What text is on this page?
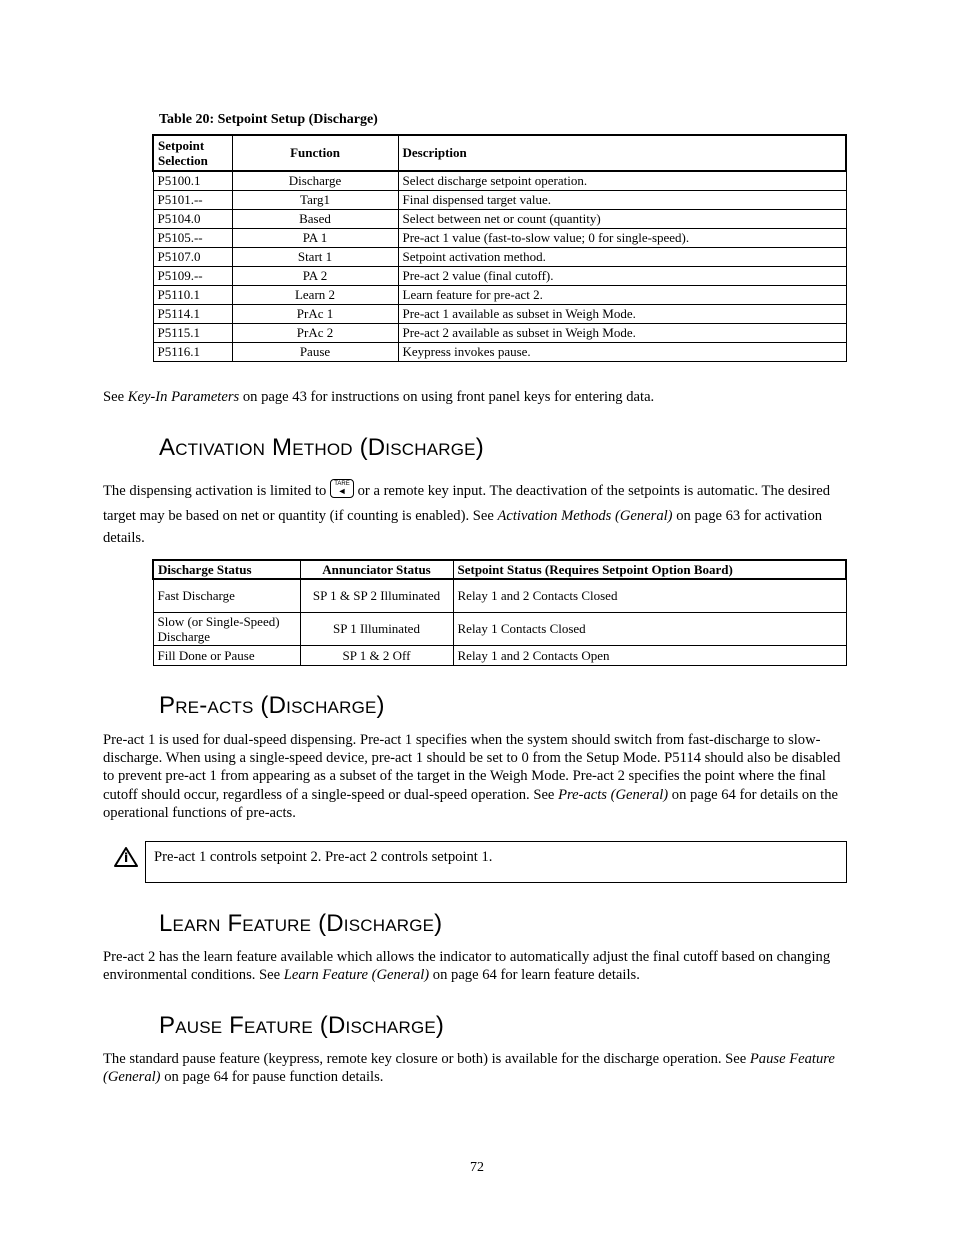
Table 20: Setpoint Setup (Discharge)
Setpoint Selection	Function	Description
P5100.1	Discharge	Select discharge setpoint operation.
P5101.--	Targ1	Final dispensed target value.
P5104.0	Based	Select between net or count (quantity)
P5105.--	PA 1	Pre-act 1 value (fast-to-slow value; 0 for single-speed).
P5107.0	Start 1	Setpoint activation method.
P5109.--	PA 2	Pre-act 2 value (final cutoff).
P5110.1	Learn 2	Learn feature for pre-act 2.
P5114.1	PrAc 1	Pre-act 1 available as subset in Weigh Mode.
P5115.1	PrAc 2	Pre-act 2 available as subset in Weigh Mode.
P5116.1	Pause	Keypress invokes pause.

See Key-In Parameters on page 43 for instructions on using front panel keys for entering data.

Activation Method (Discharge)

The dispensing activation is limited to TARE
◄ or a remote key input. The deactivation of the setpoints is automatic. The desired target may be based on net or quantity (if counting is enabled). See Activation Methods (General) on page 63 for activation details.

Discharge Status	Annunciator Status	Setpoint Status (Requires Setpoint Option Board)
Fast Discharge	SP 1 & SP 2 Illuminated	Relay 1 and 2 Contacts Closed
Slow (or Single-Speed) Discharge	SP 1 Illuminated	Relay 1 Contacts Closed
Fill Done or Pause	SP 1 & 2 Off	Relay 1 and 2 Contacts Open
Pre-acts (Discharge)

Pre-act 1 is used for dual-speed dispensing. Pre-act 1 specifies when the system should switch from fast-discharge to slow-discharge. When using a single-speed device, pre-act 1 should be set to 0 from the Setup Mode. P5114 should also be disabled to prevent pre-act 1 from appearing as a subset of the target in the Weigh Mode. Pre-act 2 specifies the point where the final cutoff should occur, regardless of a single-speed or dual-speed operation. See Pre-acts (General) on page 64 for details on the operational functions of pre-acts.

Pre-act 1 controls setpoint 2. Pre-act 2 controls setpoint 1.
Learn Feature (Discharge)

Pre-act 2 has the learn feature available which allows the indicator to automatically adjust the final cutoff based on changing environmental conditions. See Learn Feature (General) on page 64 for learn feature details.

Pause Feature (Discharge)

The standard pause feature (keypress, remote key closure or both) is available for the discharge operation. See Pause Feature (General) on page 64 for pause function details.

72
